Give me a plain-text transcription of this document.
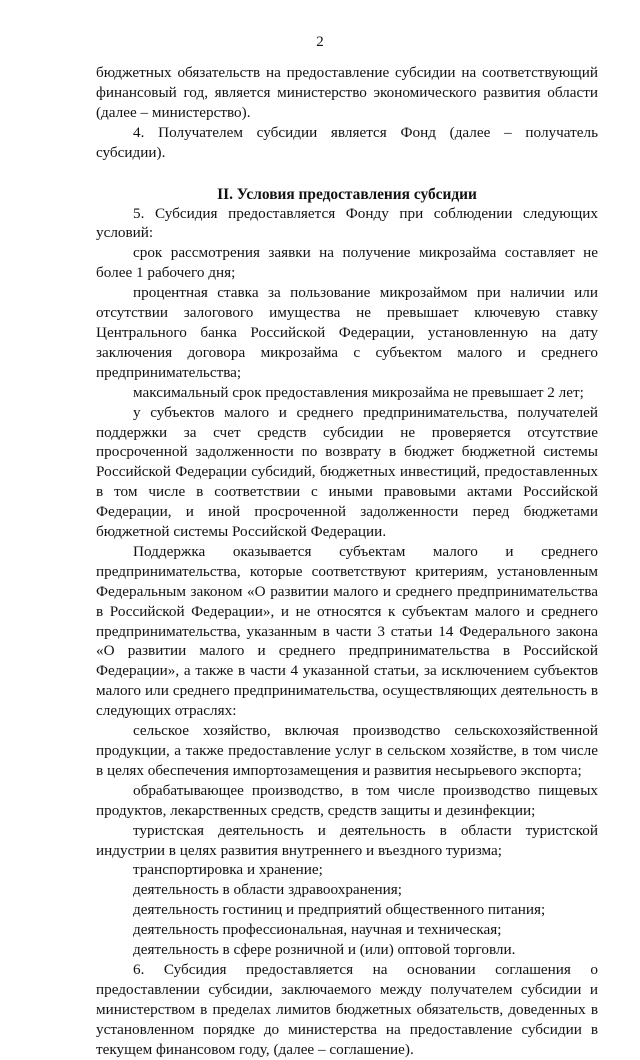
2

бюджетных обязательств на предоставление субсидии на соответствующий финансовый год, является министерство экономического развития области (далее – министерство).

4. Получателем субсидии является Фонд (далее – получатель субсидии).

II. Условия предоставления субсидии

5. Субсидия предоставляется Фонду при соблюдении следующих условий:

срок рассмотрения заявки на получение микрозайма составляет не более 1 рабочего дня;

процентная ставка за пользование микрозаймом при наличии или отсутствии залогового имущества не превышает ключевую ставку Центрального банка Российской Федерации, установленную на дату заключения договора микрозайма с субъектом малого и среднего предпринимательства;

максимальный срок предоставления микрозайма не превышает 2 лет;

у субъектов малого и среднего предпринимательства, получателей поддержки за счет средств субсидии не проверяется отсутствие просроченной задолженности по возврату в бюджет бюджетной системы Российской Федерации субсидий, бюджетных инвестиций, предоставленных в том числе в соответствии с иными правовыми актами Российской Федерации, и иной просроченной задолженности перед бюджетами бюджетной системы Российской Федерации.

Поддержка оказывается субъектам малого и среднего предпринимательства, которые соответствуют критериям, установленным Федеральным законом «О развитии малого и среднего предпринимательства в Российской Федерации», и не относятся к субъектам малого и среднего предпринимательства, указанным в части 3 статьи 14 Федерального закона «О развитии малого и среднего предпринимательства в Российской Федерации», а также в части 4 указанной статьи, за исключением субъектов малого или среднего предпринимательства, осуществляющих деятельность в следующих отраслях:

сельское хозяйство, включая производство сельскохозяйственной продукции, а также предоставление услуг в сельском хозяйстве, в том числе в целях обеспечения импортозамещения и развития несырьевого экспорта;

обрабатывающее производство, в том числе производство пищевых продуктов, лекарственных средств, средств защиты и дезинфекции;

туристская деятельность и деятельность в области туристской индустрии в целях развития внутреннего и въездного туризма;

транспортировка и хранение;

деятельность в области здравоохранения;

деятельность гостиниц и предприятий общественного питания;

деятельность профессиональная, научная и техническая;

деятельность в сфере розничной и (или) оптовой торговли.

6. Субсидия предоставляется на основании соглашения о предоставлении субсидии, заключаемого между получателем субсидии и министерством в пределах лимитов бюджетных обязательств, доведенных в установленном порядке до министерства на предоставление субсидии в текущем финансовом году, (далее – соглашение).
